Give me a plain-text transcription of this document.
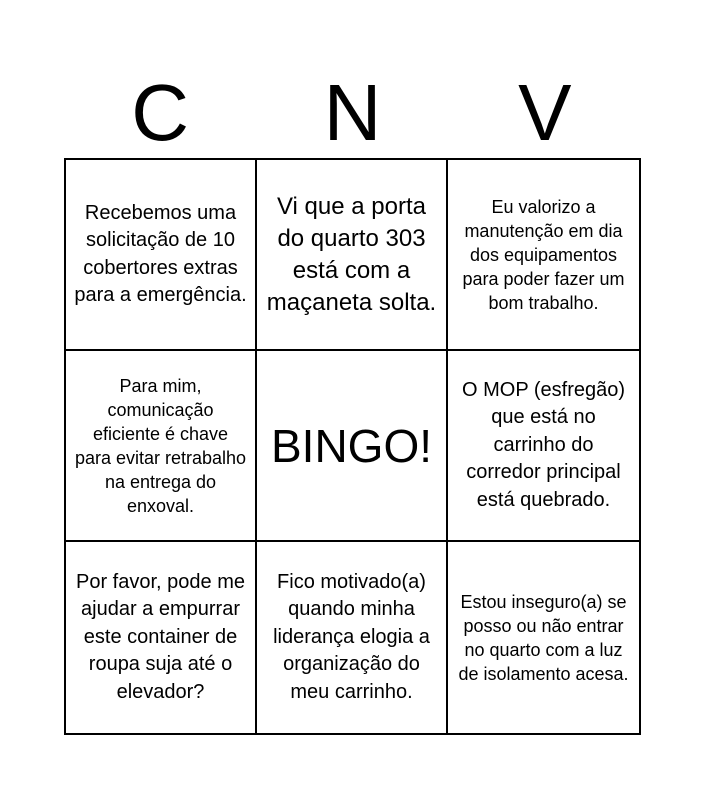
C	N	V
Recebemos uma solicitação de 10 cobertores extras para a emergência.
Vi que a porta do quarto 303 está com a maçaneta solta.
Eu valorizo a manutenção em dia dos equipamentos para poder fazer um bom trabalho.
Para mim, comunicação eficiente é chave para evitar retrabalho na entrega do enxoval.
BINGO!
O MOP (esfregão) que está no carrinho do corredor principal está quebrado.
Por favor, pode me ajudar a empurrar este container de roupa suja até o elevador?
Fico motivado(a) quando minha liderança elogia a organização do meu carrinho.
Estou inseguro(a) se posso ou não entrar no quarto com a luz de isolamento acesa.
